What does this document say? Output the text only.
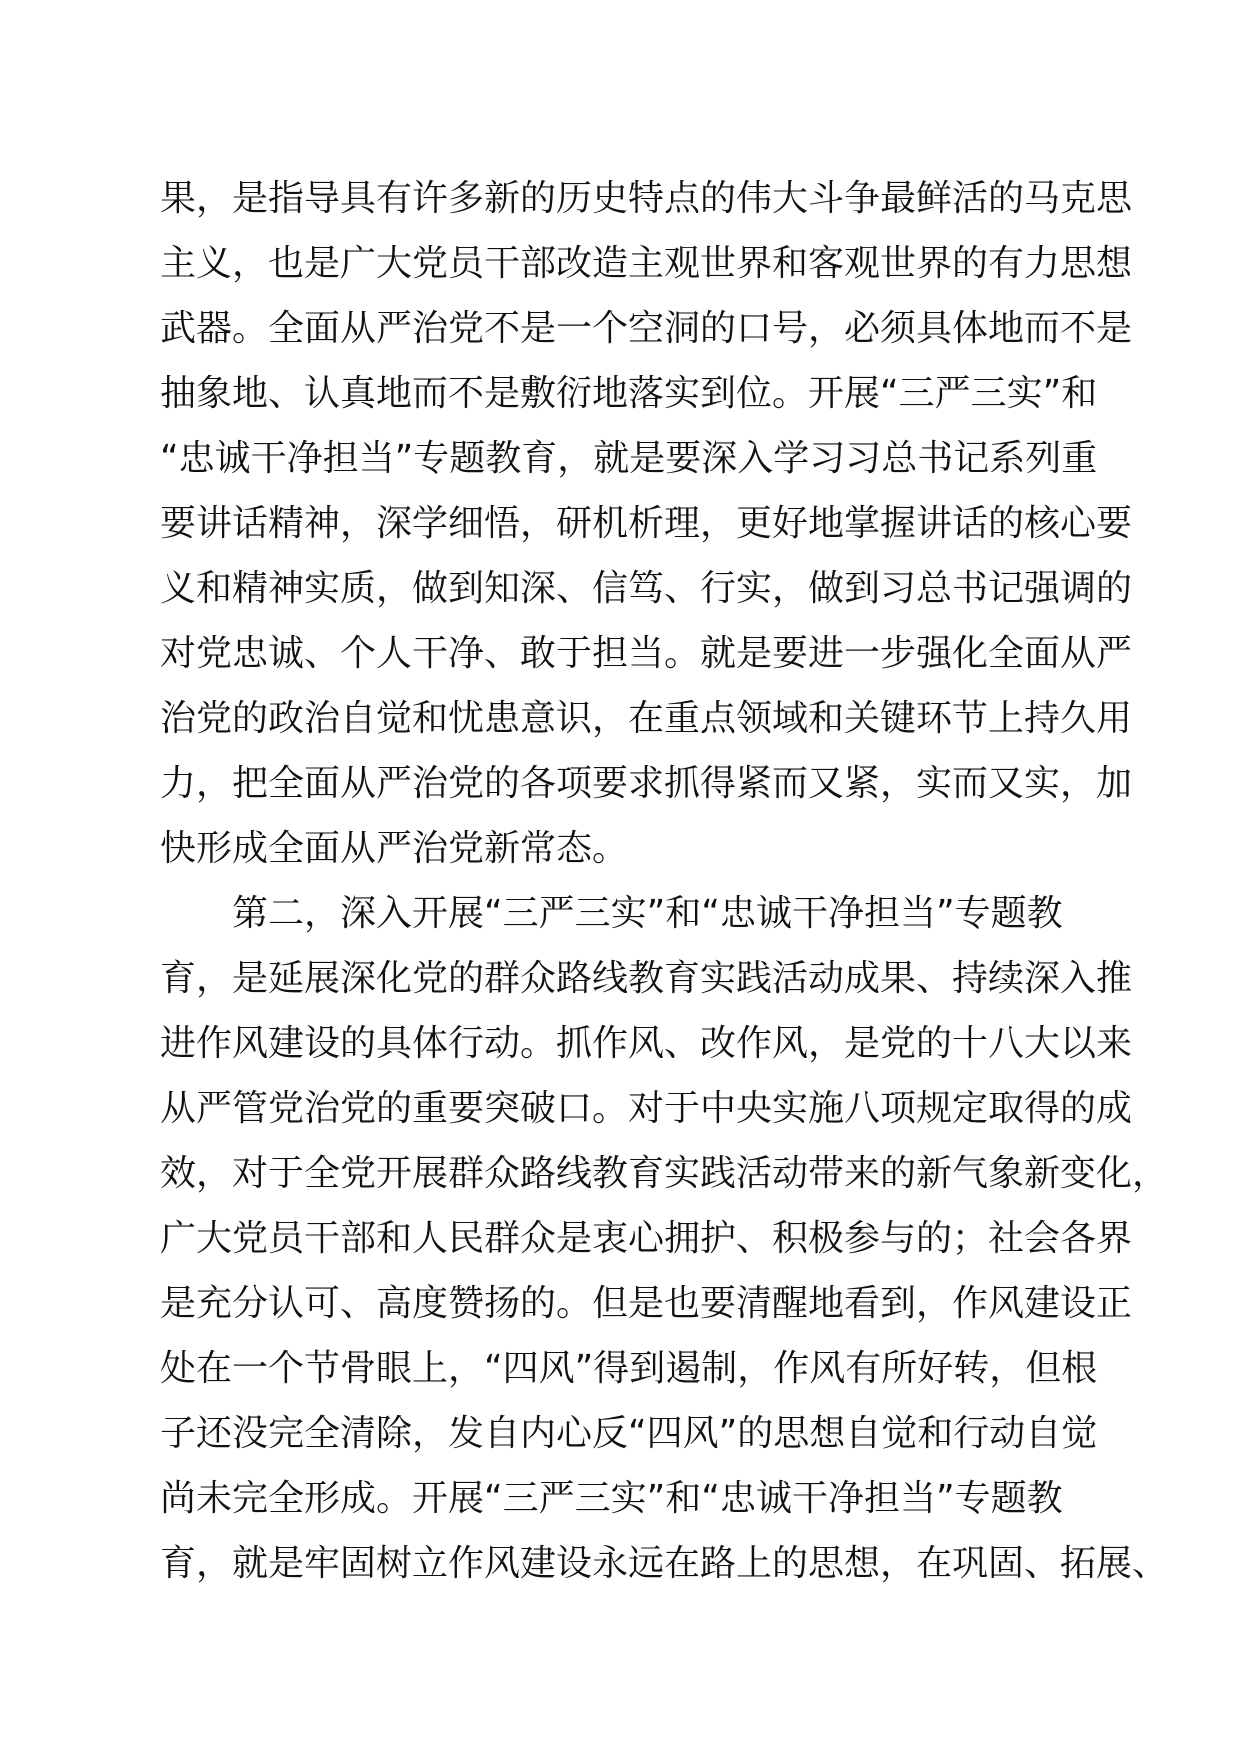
果，是指导具有许多新的历史特点的伟大斗争最鲜活的马克思
主义，也是广大党员干部改造主观世界和客观世界的有力思想
武器。全面从严治党不是一个空洞的口号，必须具体地而不是
抽象地、认真地而不是敷衍地落实到位。开展“三严三实”和
“忠诚干净担当”专题教育，就是要深入学习习总书记系列重
要讲话精神，深学细悟，研机析理，更好地掌握讲话的核心要
义和精神实质，做到知深、信笃、行实，做到习总书记强调的
对党忠诚、个人干净、敢于担当。就是要进一步强化全面从严
治党的政治自觉和忧患意识，在重点领域和关键环节上持久用
力，把全面从严治党的各项要求抓得紧而又紧，实而又实，加
快形成全面从严治党新常态。
第二，深入开展“三严三实”和“忠诚干净担当”专题教
育，是延展深化党的群众路线教育实践活动成果、持续深入推
进作风建设的具体行动。抓作风、改作风，是党的十八大以来
从严管党治党的重要突破口。对于中央实施八项规定取得的成
效，对于全党开展群众路线教育实践活动带来的新气象新变化，
广大党员干部和人民群众是衷心拥护、积极参与的；社会各界
是充分认可、高度赞扬的。但是也要清醒地看到，作风建设正
处在一个节骨眼上，“四风”得到遏制，作风有所好转，但根
子还没完全清除，发自内心反“四风”的思想自觉和行动自觉
尚未完全形成。开展“三严三实”和“忠诚干净担当”专题教
育，就是牢固树立作风建设永远在路上的思想，在巩固、拓展、
